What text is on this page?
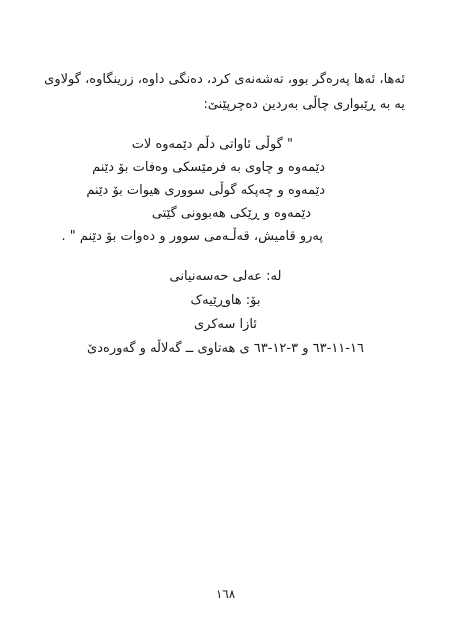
ئەها، ئەها پەرەگر بوو، تەشەنەی کرد، دەنگی داوە، زرینگاوە، گولاوی
یە بە ڕێبواری چاڵی بەردین دەچرپێنێ:
" گوڵی ئاواتی دڵم دێمەوە لات
دێمەوە و چاوی بە فرمێسکی وەفات بۆ دێنم
دێمەوە و چەپکە گوڵی سووری هیوات بۆ دێنم
دێمەوە و ڕێکی هەبوونی گێتی
پەرو قامیش، قەڵـەمی سوور و دەوات بۆ دێنم " .
لە: عەلی حەسەنیانی
بۆ: هاوڕێیەک
ئازا سەکری
١٦-١١-٦٣ و ٣-١٢-٦٣ ی هەتاوی ــ گەلاڵە و گەورەدێ
١٦٨
